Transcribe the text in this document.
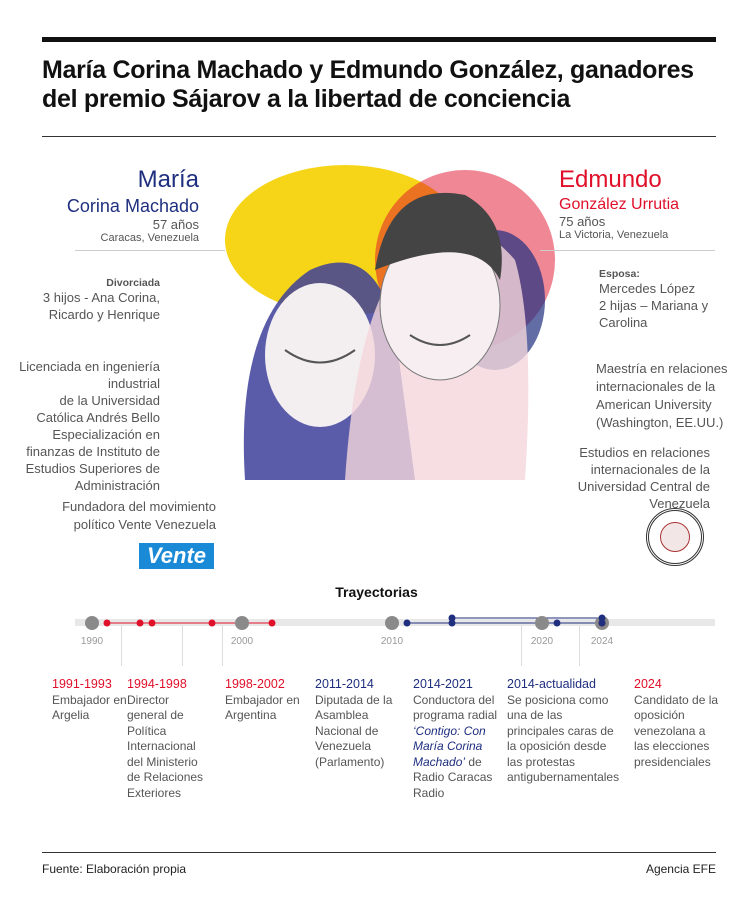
María Corina Machado y Edmundo González, ganadores del premio Sájarov a la libertad de conciencia
María
Corina Machado
57 años
Caracas, Venezuela
Divorciada
3 hijos - Ana Corina, Ricardo y Henrique
Licenciada en ingeniería industrial
de la Universidad Católica Andrés Bello
Especialización en finanzas de Instituto de Estudios Superiores de Administración
Fundadora del movimiento político Vente Venezuela
Vente
Edmundo
González Urrutia
75 años
La Victoria, Venezuela
Esposa:
Mercedes López
2 hijas – Mariana y Carolina
Maestría en relaciones internacionales de la American University (Washington, EE.UU.)
Estudios en relaciones internacionales de la Universidad Central de Venezuela
Trayectorias
1990	2000	2010	2020	2024
1991-1993
Embajador en Argelia
1994-1998
Director general de Política Internacional del Ministerio de Relaciones Exteriores
1998-2002
Embajador en Argentina
2011-2014
Diputada de la Asamblea Nacional de Venezuela (Parlamento)
2014-2021
Conductora del programa radial ‘Contigo: Con María Corina Machado’ de Radio Caracas Radio
2014-actualidad
Se posiciona como una de las principales caras de la oposición desde las protestas antigubernamentales
2024
Candidato de la oposición venezolana a las elecciones presidenciales
Fuente: Elaboración propia	Agencia EFE
